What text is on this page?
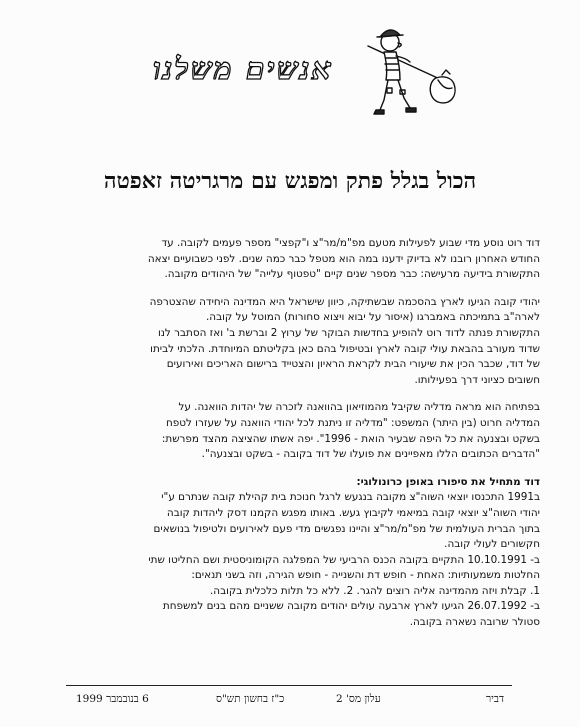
אנשים משלנו
הכול בגלל פתק ומפגש עם מרגריטה זאפטה

דוד רוט נוסע מדי שבוע לפעילות מטעם מפ"מ/מר"צ ו"קפצי" מספר פעמים לקובה. עד
החודש האחרון רובנו לא בדיוק ידענו במה הוא מטפל כבר כמה שנים. לפני כשבועיים יצאה
התקשורת בידיעה מרעישה: כבר מספר שנים קיים "טפטוף עלייה" של היהודים מקובה.

יהודי קובה הגיעו לארץ בהסכמה שבשתיקה, כיוון שישראל היא המדינה היחידה שהצטרפה
לארה"ב בתמיכתה באמברגו (איסור על יבוא ויצוא סחורות) המוטל על קובה.
התקשורת פנתה לדוד רוט להופיע בחדשות הבוקר של ערוץ 2 וברשת ב' ואז הסתבר לנו
שדוד מעורב בהבאת עולי קובה לארץ ובטיפול בהם כאן בקליטתם המיוחדת. הלכתי לביתו
של דוד, שכבר הכין את שיעורי הבית לקראת הראיון והצטייד ברישום האריכים ואירועים
חשובים כציוני דרך בפעילותו.

בפתיחה הוא מראה מדליה שקיבל מהמוזיאון בהוואנה לזכרה של יהדות הוואנה. על
המדליה חרוט (בין היתר) המשפט: "מדליה זו ניתנת לכל יהודי הוואנה על שעזרו לטפח
בשקט ובצנעה את כל היפה שבעיר הואת - 1996". יפה אשתו שהציצה מהצד מפרשת:
"הדברים הכתובים הללו מאפיינים את פועלו של דוד בקובה - בשקט ובצנעה".

דוד מתחיל את סיפורו באופן כרונולוגי:
ב1991 התכנסו יוצאי השוה"צ מקובה בנגעש לרגל חנוכת בית קהילת קובה שנתרם ע"י
יהודי השוה"צ יוצאי קובה במיאמי לקיבוץ געש. באותו מפגש הקמנו דסק ליהדות קובה
בתוך הברית העולמית של מפ"מ/מר"צ והיינו נפגשים מדי פעם לאירועים ולטיפול בנושאים
חקשורים לעולי קובה.
ב- 10.10.1991 התקיים בקובה הכנס הרביעי של המפלגה הקומוניסטית ושם החליטו שתי
החלטות משמעותיות: האחת - חופש דת והשנייה - חופש הגירה, וזה בשני תנאים:
1. קבלת ויזה מהמדינה אליה רוצים להגר. 2. ללא כל תלות כלכלית בקובה.
ב- 26.07.1992 הגיעו לארץ ארבעה עולים יהודים מקובה ששניים מהם בנים למשפחת
סטולר שרובה נשארה בקובה.

6 בנובמבר 1999	כ"ז בחשון תש"ס	עלון מס' 2	דביר
